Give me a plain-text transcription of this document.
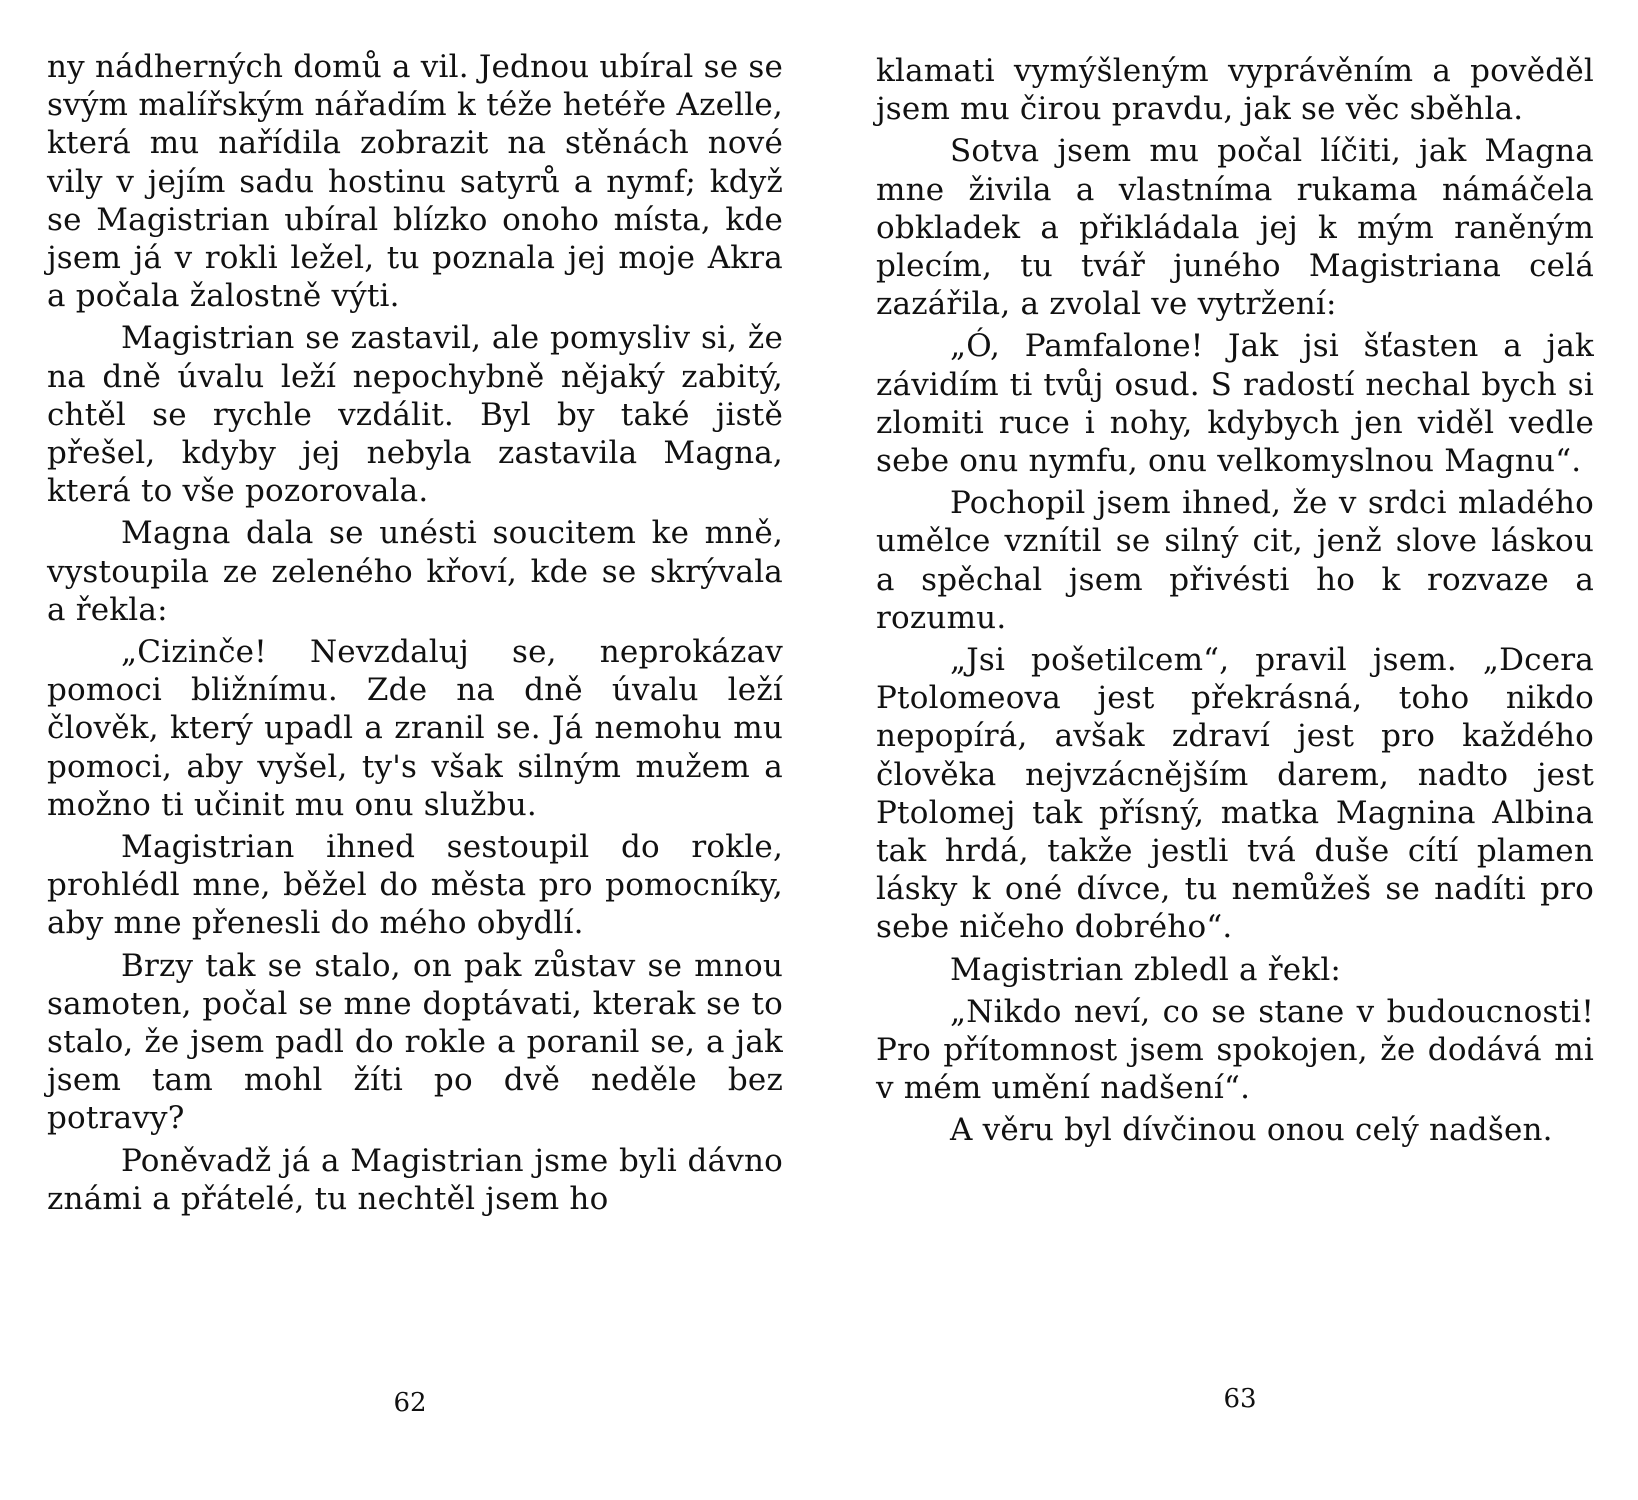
ny nádherných domů a vil. Jednou ubíral se se svým malířským nářadím k téže hetéře Azelle, která mu nařídila zobrazit na stěnách nové vily v jejím sadu hostinu satyrů a nymf; když se Magistrian ubíral blízko onoho místa, kde jsem já v rokli ležel, tu poznala jej moje Akra a počala žalostně výti.

Magistrian se zastavil, ale pomysliv si, že na dně úvalu leží nepochybně nějaký zabitý, chtěl se rychle vzdálit. Byl by také jistě přešel, kdyby jej nebyla zastavila Magna, která to vše pozorovala.

Magna dala se unésti soucitem ke mně, vystoupila ze zeleného křoví, kde se skrývala a řekla:

„Cizinče! Nevzdaluj se, neprokázav pomoci bližnímu. Zde na dně úvalu leží člověk, který upadl a zranil se. Já nemohu mu pomoci, aby vyšel, ty's však silným mužem a možno ti učinit mu onu službu.

Magistrian ihned sestoupil do rokle, prohlédl mne, běžel do města pro pomocníky, aby mne přenesli do mého obydlí.

Brzy tak se stalo, on pak zůstav se mnou samoten, počal se mne doptávati, kterak se to stalo, že jsem padl do rokle a poranil se, a jak jsem tam mohl žíti po dvě neděle bez potravy?

Poněvadž já a Magistrian jsme byli dávno známi a přátelé, tu nechtěl jsem ho

62

klamati vymýšleným vyprávěním a pověděl jsem mu čirou pravdu, jak se věc sběhla.

Sotva jsem mu počal líčiti, jak Magna mne živila a vlastníma rukama námáčela obkladek a přikládala jej k mým raněným plecím, tu tvář juného Magistriana celá zazářila, a zvolal ve vytržení:

„Ó, Pamfalone! Jak jsi šťasten a jak závidím ti tvůj osud. S radostí nechal bych si zlomiti ruce i nohy, kdybych jen viděl vedle sebe onu nymfu, onu velkomyslnou Magnu“.

Pochopil jsem ihned, že v srdci mladého umělce vznítil se silný cit, jenž slove láskou a spěchal jsem přivésti ho k rozvaze a rozumu.

„Jsi pošetilcem“, pravil jsem. „Dcera Ptolomeova jest překrásná, toho nikdo nepopírá, avšak zdraví jest pro každého člověka nejvzácnějším darem, nadto jest Ptolomej tak přísný, matka Magnina Albina tak hrdá, takže jestli tvá duše cítí plamen lásky k oné dívce, tu nemůžeš se nadíti pro sebe ničeho dobrého“.

Magistrian zbledl a řekl:

„Nikdo neví, co se stane v budoucnosti! Pro přítomnost jsem spokojen, že dodává mi v mém umění nadšení“.

A věru byl dívčinou onou celý nadšen.

63
